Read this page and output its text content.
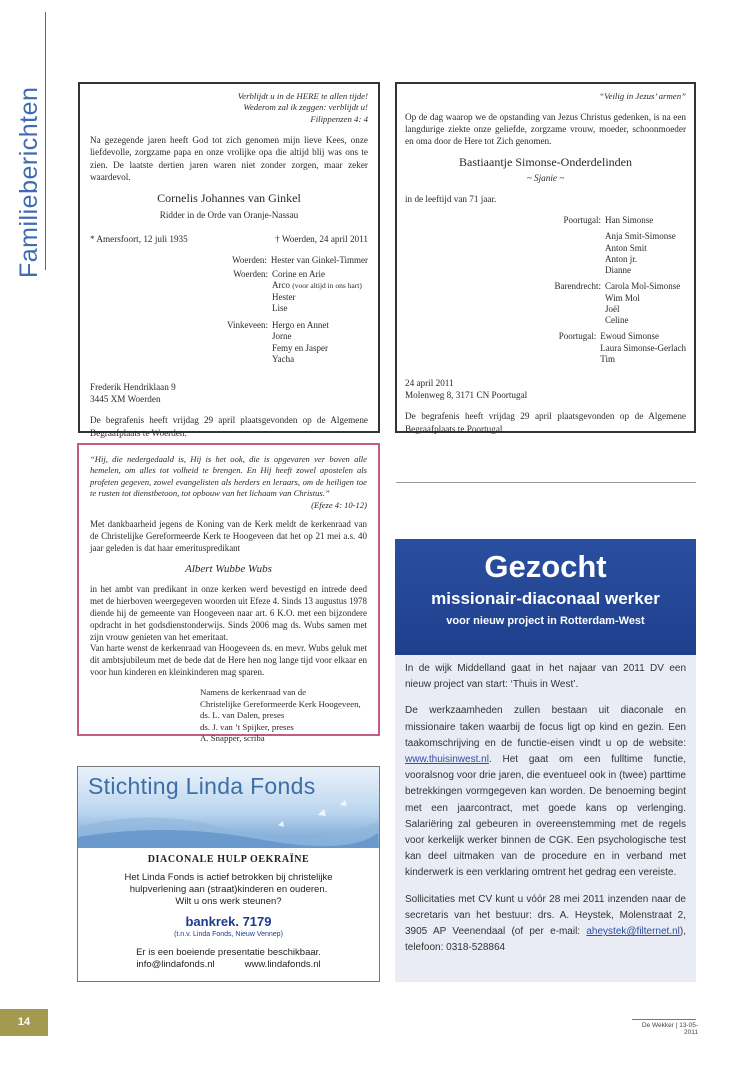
Familieberichten	Verblijdt u in de HERE te allen tijde!
Wederom zal ik zeggen: verblijdt u!
Filippenzen 4: 4
Na gezegende jaren heeft God tot zich genomen mijn lieve Kees, onze liefdevolle, zorgzame papa en onze vrolijke opa die altijd blij was ons te zien. De laatste dertien jaren waren niet zonder zorgen, maar zeker waardevol.
Cornelis Johannes van Ginkel
Ridder in de Orde van Oranje-Nassau
* Amersfoort, 12 juli 1935	† Woerden, 24 april 2011
Woerden: Hester van Ginkel-Timmer
Woerden: Corine en Arie
Arco (voor altijd in ons hart)
Hester
Lise
Vinkeveen: Hergo en Annet
Jorne
Femy en Jasper
Yacha
Frederik Hendriklaan 9
3445 XM Woerden
De begrafenis heeft vrijdag 29 april plaatsgevonden op de Algemene Begraafplaats te Woerden.
“Veilig in Jezus’ armen”
Op de dag waarop we de opstanding van Jezus Christus gedenken, is na een langdurige ziekte onze geliefde, zorgzame vrouw, moeder, schoonmoeder en oma door de Here tot Zich genomen.
Bastiaantje Simonse-Onderdelinden
~ Sjanie ~
in de leeftijd van 71 jaar.
Poortugal: Han Simonse
Anja Smit-Simonse
Anton Smit
Anton jr.
Dianne
Barendrecht: Carola Mol-Simonse
Wim Mol
Joël
Celine
Poortugal: Ewoud Simonse
Laura Simonse-Gerlach
Tim
24 april 2011
Molenweg 8, 3171 CN Poortugal
De begrafenis heeft vrijdag 29 april plaatsgevonden op de Algemene Begraafplaats te Poortugal.
“Hij, die nedergedaald is, Hij is het ook, die is opgevaren ver boven alle hemelen, om alles tot volheid te brengen. En Hij heeft zowel apostelen als profeten gegeven, zowel evangelisten als herders en leraars, om de heiligen toe te rusten tot dienstbetoon, tot opbouw van het lichaam van Christus.”
(Efeze 4: 10-12)
Met dankbaarheid jegens de Koning van de Kerk meldt de kerkenraad van de Christelijke Gereformeerde Kerk te Hoogeveen dat het op 21 mei a.s. 40 jaar geleden is dat haar emerituspredikant
Albert Wubbe Wubs
in het ambt van predikant in onze kerken werd bevestigd en intrede deed met de hierboven weergegeven woorden uit Efeze 4. Sinds 13 augustus 1978 diende hij de gemeente van Hoogeveen naar art. 6 K.O. met een bijzondere opdracht in het godsdienstonderwijs. Sinds 2006 mag ds. Wubs samen met zijn vrouw genieten van het emeritaat.
Van harte wenst de kerkenraad van Hoogeveen ds. en mevr. Wubs geluk met dit ambtsjubileum met de bede dat de Here hen nog lange tijd voor elkaar en voor hun kinderen en kleinkinderen mag sparen.
Namens de kerkenraad van de
Christelijke Gereformeerde Kerk Hoogeveen,
ds. L. van Dalen, preses
ds. J. van ’t Spijker, preses
A. Snapper, scriba
Gezocht
missionair-diaconaal werker
voor nieuw project in Rotterdam-West

In de wijk Middelland gaat in het najaar van 2011 DV een nieuw project van start: ‘Thuis in West’.

De werkzaamheden zullen bestaan uit diaconale en missionaire taken waarbij de focus ligt op kind en gezin. Een taakomschrijving en de functie-eisen vindt u op de website: www.thuisinwest.nl. Het gaat om een fulltime functie, vooralsnog voor drie jaren, die eventueel ook in (twee) parttime betrekkingen vormgegeven kan worden. De benoeming begint met een jaarcontract, met goede kans op verlenging. Salariëring zal gebeuren in overeenstemming met de regels voor kerkelijk werker binnen de CGK. Een psychologische test kan deel uitmaken van de procedure en in verband met kinderwerk is een verklaring omtrent het gedrag een vereiste.

Sollicitaties met CV kunt u vóór 28 mei 2011 inzenden naar de secretaris van het bestuur: drs. A. Heystek, Molenstraat 2, 3905 AP Veenendaal (of per e-mail: aheystek@filternet.nl), telefoon: 0318-528864

Stichting Linda Fonds
DIACONALE HULP OEKRAÏNE
Het Linda Fonds is actief betrokken bij christelijke hulpverlening aan (straat)kinderen en ouderen.
Wilt u ons werk steunen?
bankrek. 7179
(t.n.v. Linda Fonds, Nieuw Vennep)
Er is een boeiende presentatie beschikbaar.
info@lindafonds.nl	www.lindafonds.nl
14	De Wekker | 13-05-2011
